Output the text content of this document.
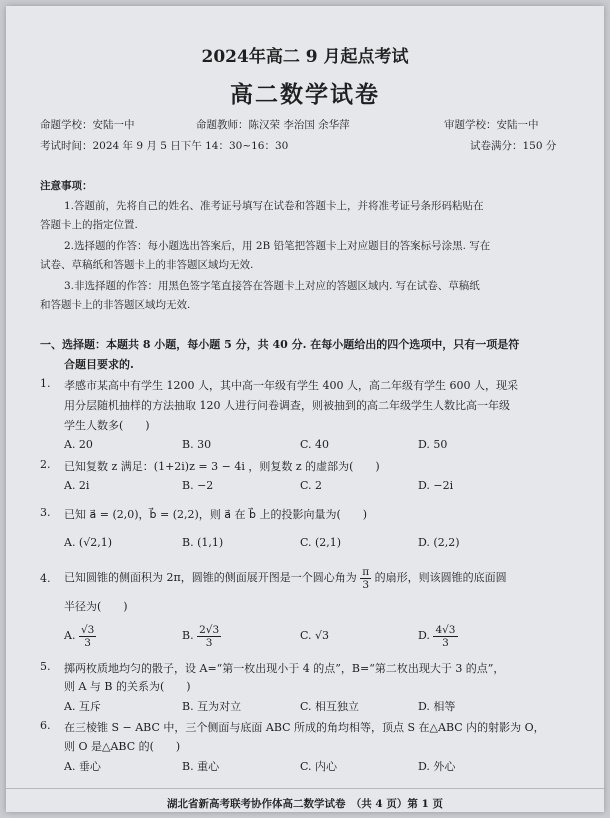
2024年高二 9 月起点考试
高二数学试卷
命题学校：安陆一中	命题教师：陈汉荣 李治国 余华萍	审题学校：安陆一中
考试时间：2024 年 9 月 5 日下午 14：30~16：30	试卷满分：150 分
注意事项：
1.答题前，先将自己的姓名、准考证号填写在试卷和答题卡上，并将准考证号条形码粘贴在
答题卡上的指定位置.
2.选择题的作答：每小题选出答案后，用 2B 铅笔把答题卡上对应题目的答案标号涂黑. 写在
试卷、草稿纸和答题卡上的非答题区域均无效.
3.非选择题的作答：用黑色签字笔直接答在答题卡上对应的答题区域内. 写在试卷、草稿纸
和答题卡上的非答题区域均无效.
一、选择题：本题共 8 小题，每小题 5 分，共 40 分. 在每小题给出的四个选项中，只有一项是符
合题目要求的.
1. 孝感市某高中有学生 1200 人，其中高一年级有学生 400 人，高二年级有学生 600 人，现采
用分层随机抽样的方法抽取 120 人进行问卷调查，则被抽到的高二年级学生人数比高一年级
学生人数多(　　)
A. 20	B. 30	C. 40	D. 50
2. 已知复数 z 满足：(1+2i)z = 3 − 4i ，则复数 z 的虚部为(　　)
A. 2i	B. −2	C. 2	D. −2i
3. 已知 a⃗ = (2,0)，b⃗ = (2,2)，则 a⃗ 在 b⃗ 上的投影向量为(　　)
A. (√2,1)	B. (1,1)	C. (2,1)	D. (2,2)
4. 已知圆锥的侧面积为 2π，圆锥的侧面展开图是一个圆心角为 $\frac{\pi}{3}$ 的扇形，则该圆锥的底面圆
半径为(　　)
A. $\frac{√3}{3}$	B. $\frac{2√3}{3}$	C. √3	D. $\frac{4√3}{3}$
5. 掷两枚质地均匀的骰子，设 A=“第一枚出现小于 4 的点”，B=“第二枚出现大于 3 的点”，
则 A 与 B 的关系为(　　)
A. 互斥	B. 互为对立	C. 相互独立	D. 相等
6. 在三棱锥 S − ABC 中，三个侧面与底面 ABC 所成的角均相等，顶点 S 在△ABC 内的射影为 O，
则 O 是△ABC 的(　　)
A. 垂心	B. 重心	C. 内心	D. 外心
湖北省新高考联考协作体高二数学试卷　（共 4 页）第 1 页
